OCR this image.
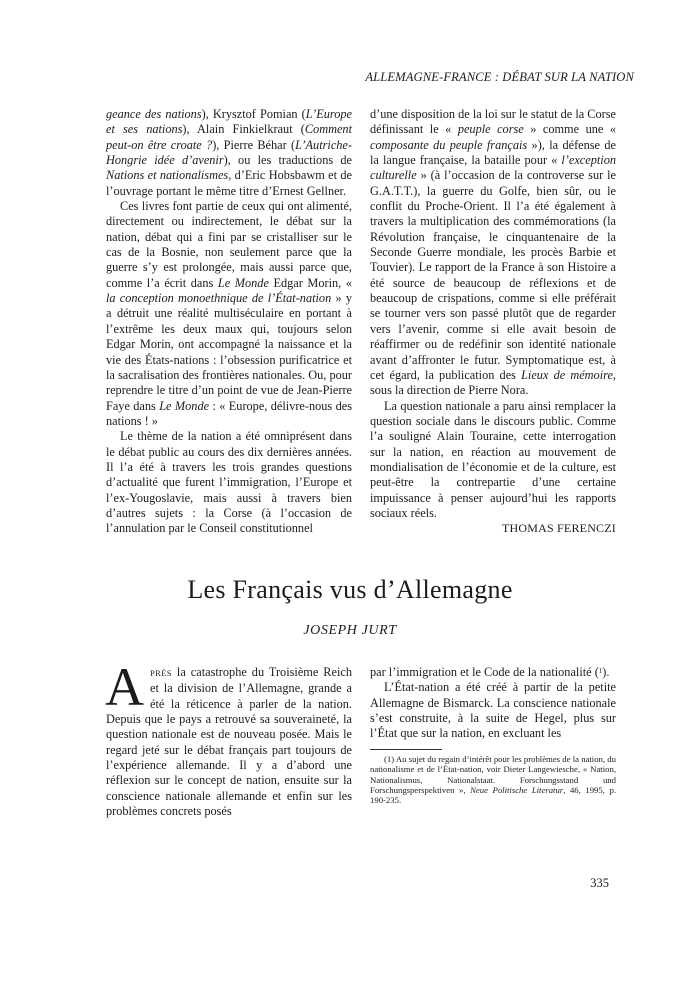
ALLEMAGNE-FRANCE : DÉBAT SUR LA NATION

geance des nations), Krysztof Pomian (L’Europe et ses nations), Alain Finkielkraut (Comment peut-on être croate ?), Pierre Béhar (L’Autriche-Hongrie idée d’avenir), ou les traductions de Nations et nationalismes, d’Eric Hobsbawm et de l’ouvrage portant le même titre d’Ernest Gellner.

Ces livres font partie de ceux qui ont alimenté, directement ou indirectement, le débat sur la nation, débat qui a fini par se cristalliser sur le cas de la Bosnie, non seulement parce que la guerre s’y est prolongée, mais aussi parce que, comme l’a écrit dans Le Monde Edgar Morin, « la conception monoethnique de l’État-nation » y a détruit une réalité multiséculaire en portant à l’extrême les deux maux qui, toujours selon Edgar Morin, ont accompagné la naissance et la vie des États-nations : l’obsession purificatrice et la sacralisation des frontières nationales. Ou, pour reprendre le titre d’un point de vue de Jean-Pierre Faye dans Le Monde : « Europe, délivre-nous des nations ! »

Le thème de la nation a été omniprésent dans le débat public au cours des dix dernières années. Il l’a été à travers les trois grandes questions d’actualité que furent l’immigration, l’Europe et l’ex-Yougoslavie, mais aussi à travers bien d’autres sujets : la Corse (à l’occasion de l’annulation par le Conseil constitutionnel

d’une disposition de la loi sur le statut de la Corse définissant le « peuple corse » comme une « composante du peuple français »), la défense de la langue française, la bataille pour « l’exception culturelle » (à l’occasion de la controverse sur le G.A.T.T.), la guerre du Golfe, bien sûr, ou le conflit du Proche-Orient. Il l’a été également à travers la multiplication des commémorations (la Révolution française, le cinquantenaire de la Seconde Guerre mondiale, les procès Barbie et Touvier). Le rapport de la France à son Histoire a été source de beaucoup de réflexions et de beaucoup de crispations, comme si elle préférait se tourner vers son passé plutôt que de regarder vers l’avenir, comme si elle avait besoin de réaffirmer ou de redéfinir son identité nationale avant d’affronter le futur. Symptomatique est, à cet égard, la publication des Lieux de mémoire, sous la direction de Pierre Nora.

La question nationale a paru ainsi remplacer la question sociale dans le discours public. Comme l’a souligné Alain Touraine, cette interrogation sur la nation, en réaction au mouvement de mondialisation de l’économie et de la culture, est peut-être la contrepartie d’une certaine impuissance à penser aujourd’hui les rapports sociaux réels.

THOMAS FERENCZI

Les Français vus d’Allemagne

JOSEPH JURT

APRÈS la catastrophe du Troisième Reich et la division de l’Allemagne, grande a été la réticence à parler de la nation. Depuis que le pays a retrouvé sa souveraineté, la question nationale est de nouveau posée. Mais le regard jeté sur le débat français part toujours de l’expérience allemande. Il y a d’abord une réflexion sur le concept de nation, ensuite sur la conscience nationale allemande et enfin sur les problèmes concrets posés

par l’immigration et le Code de la nationalité ($^1$).

L’État-nation a été créé à partir de la petite Allemagne de Bismarck. La conscience nationale s’est construite, à la suite de Hegel, plus sur l’État que sur la nation, en excluant les

(1) Au sujet du regain d’intérêt pour les problèmes de la nation, du nationalisme et de l’État-nation, voir Dieter Langewiesche, « Nation, Nationalismus, Nationalstaat. Forschungsstand und Forschungsperspektiven », Neue Politische Literatur, 46, 1995, p. 190-235.

335
